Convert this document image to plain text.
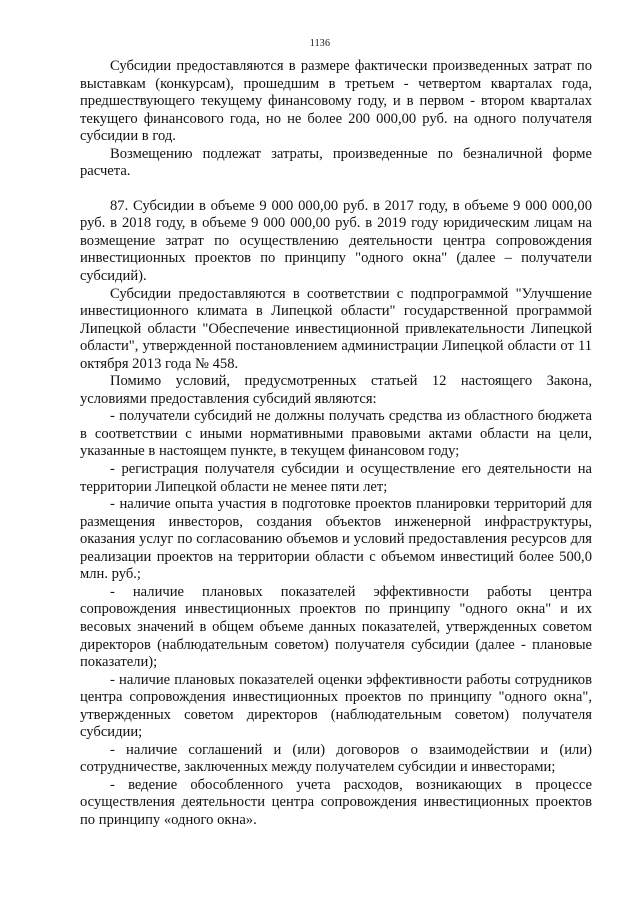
1136

Субсидии предоставляются в размере фактически произведенных затрат по выставкам (конкурсам), прошедшим в третьем - четвертом кварталах года, предшествующего текущему финансовому году, и в первом - втором кварталах текущего финансового года, но не более 200 000,00 руб. на одного получателя субсидии в год.

Возмещению подлежат затраты, произведенные по безналичной форме расчета.

87. Субсидии в объеме 9 000 000,00 руб. в 2017 году, в объеме 9 000 000,00 руб. в 2018 году, в объеме 9 000 000,00 руб. в 2019 году юридическим лицам на возмещение затрат по осуществлению деятельности центра сопровождения инвестиционных проектов по принципу "одного окна" (далее – получатели субсидий).

Субсидии предоставляются в соответствии с подпрограммой "Улучшение инвестиционного климата в Липецкой области" государственной программой Липецкой области "Обеспечение инвестиционной привлекательности Липецкой области", утвержденной постановлением администрации Липецкой области от 11 октября 2013 года № 458.

Помимо условий, предусмотренных статьей 12 настоящего Закона, условиями предоставления субсидий являются:

- получатели субсидий не должны получать средства из областного бюджета в соответствии с иными нормативными правовыми актами области на цели, указанные в настоящем пункте, в текущем финансовом году;

- регистрация получателя субсидии и осуществление его деятельности на территории Липецкой области не менее пяти лет;

- наличие опыта участия в подготовке проектов планировки территорий для размещения инвесторов, создания объектов инженерной инфраструктуры, оказания услуг по согласованию объемов и условий предоставления ресурсов для реализации проектов на территории области с объемом инвестиций более 500,0 млн. руб.;

- наличие плановых показателей эффективности работы центра сопровождения инвестиционных проектов по принципу "одного окна" и их весовых значений в общем объеме данных показателей, утвержденных советом директоров (наблюдательным советом) получателя субсидии (далее - плановые показатели);

- наличие плановых показателей оценки эффективности работы сотрудников центра сопровождения инвестиционных проектов по принципу "одного окна", утвержденных советом директоров (наблюдательным советом) получателя субсидии;

- наличие соглашений и (или) договоров о взаимодействии и (или) сотрудничестве, заключенных между получателем субсидии и инвесторами;

- ведение обособленного учета расходов, возникающих в процессе осуществления деятельности центра сопровождения инвестиционных проектов по принципу «одного окна».
